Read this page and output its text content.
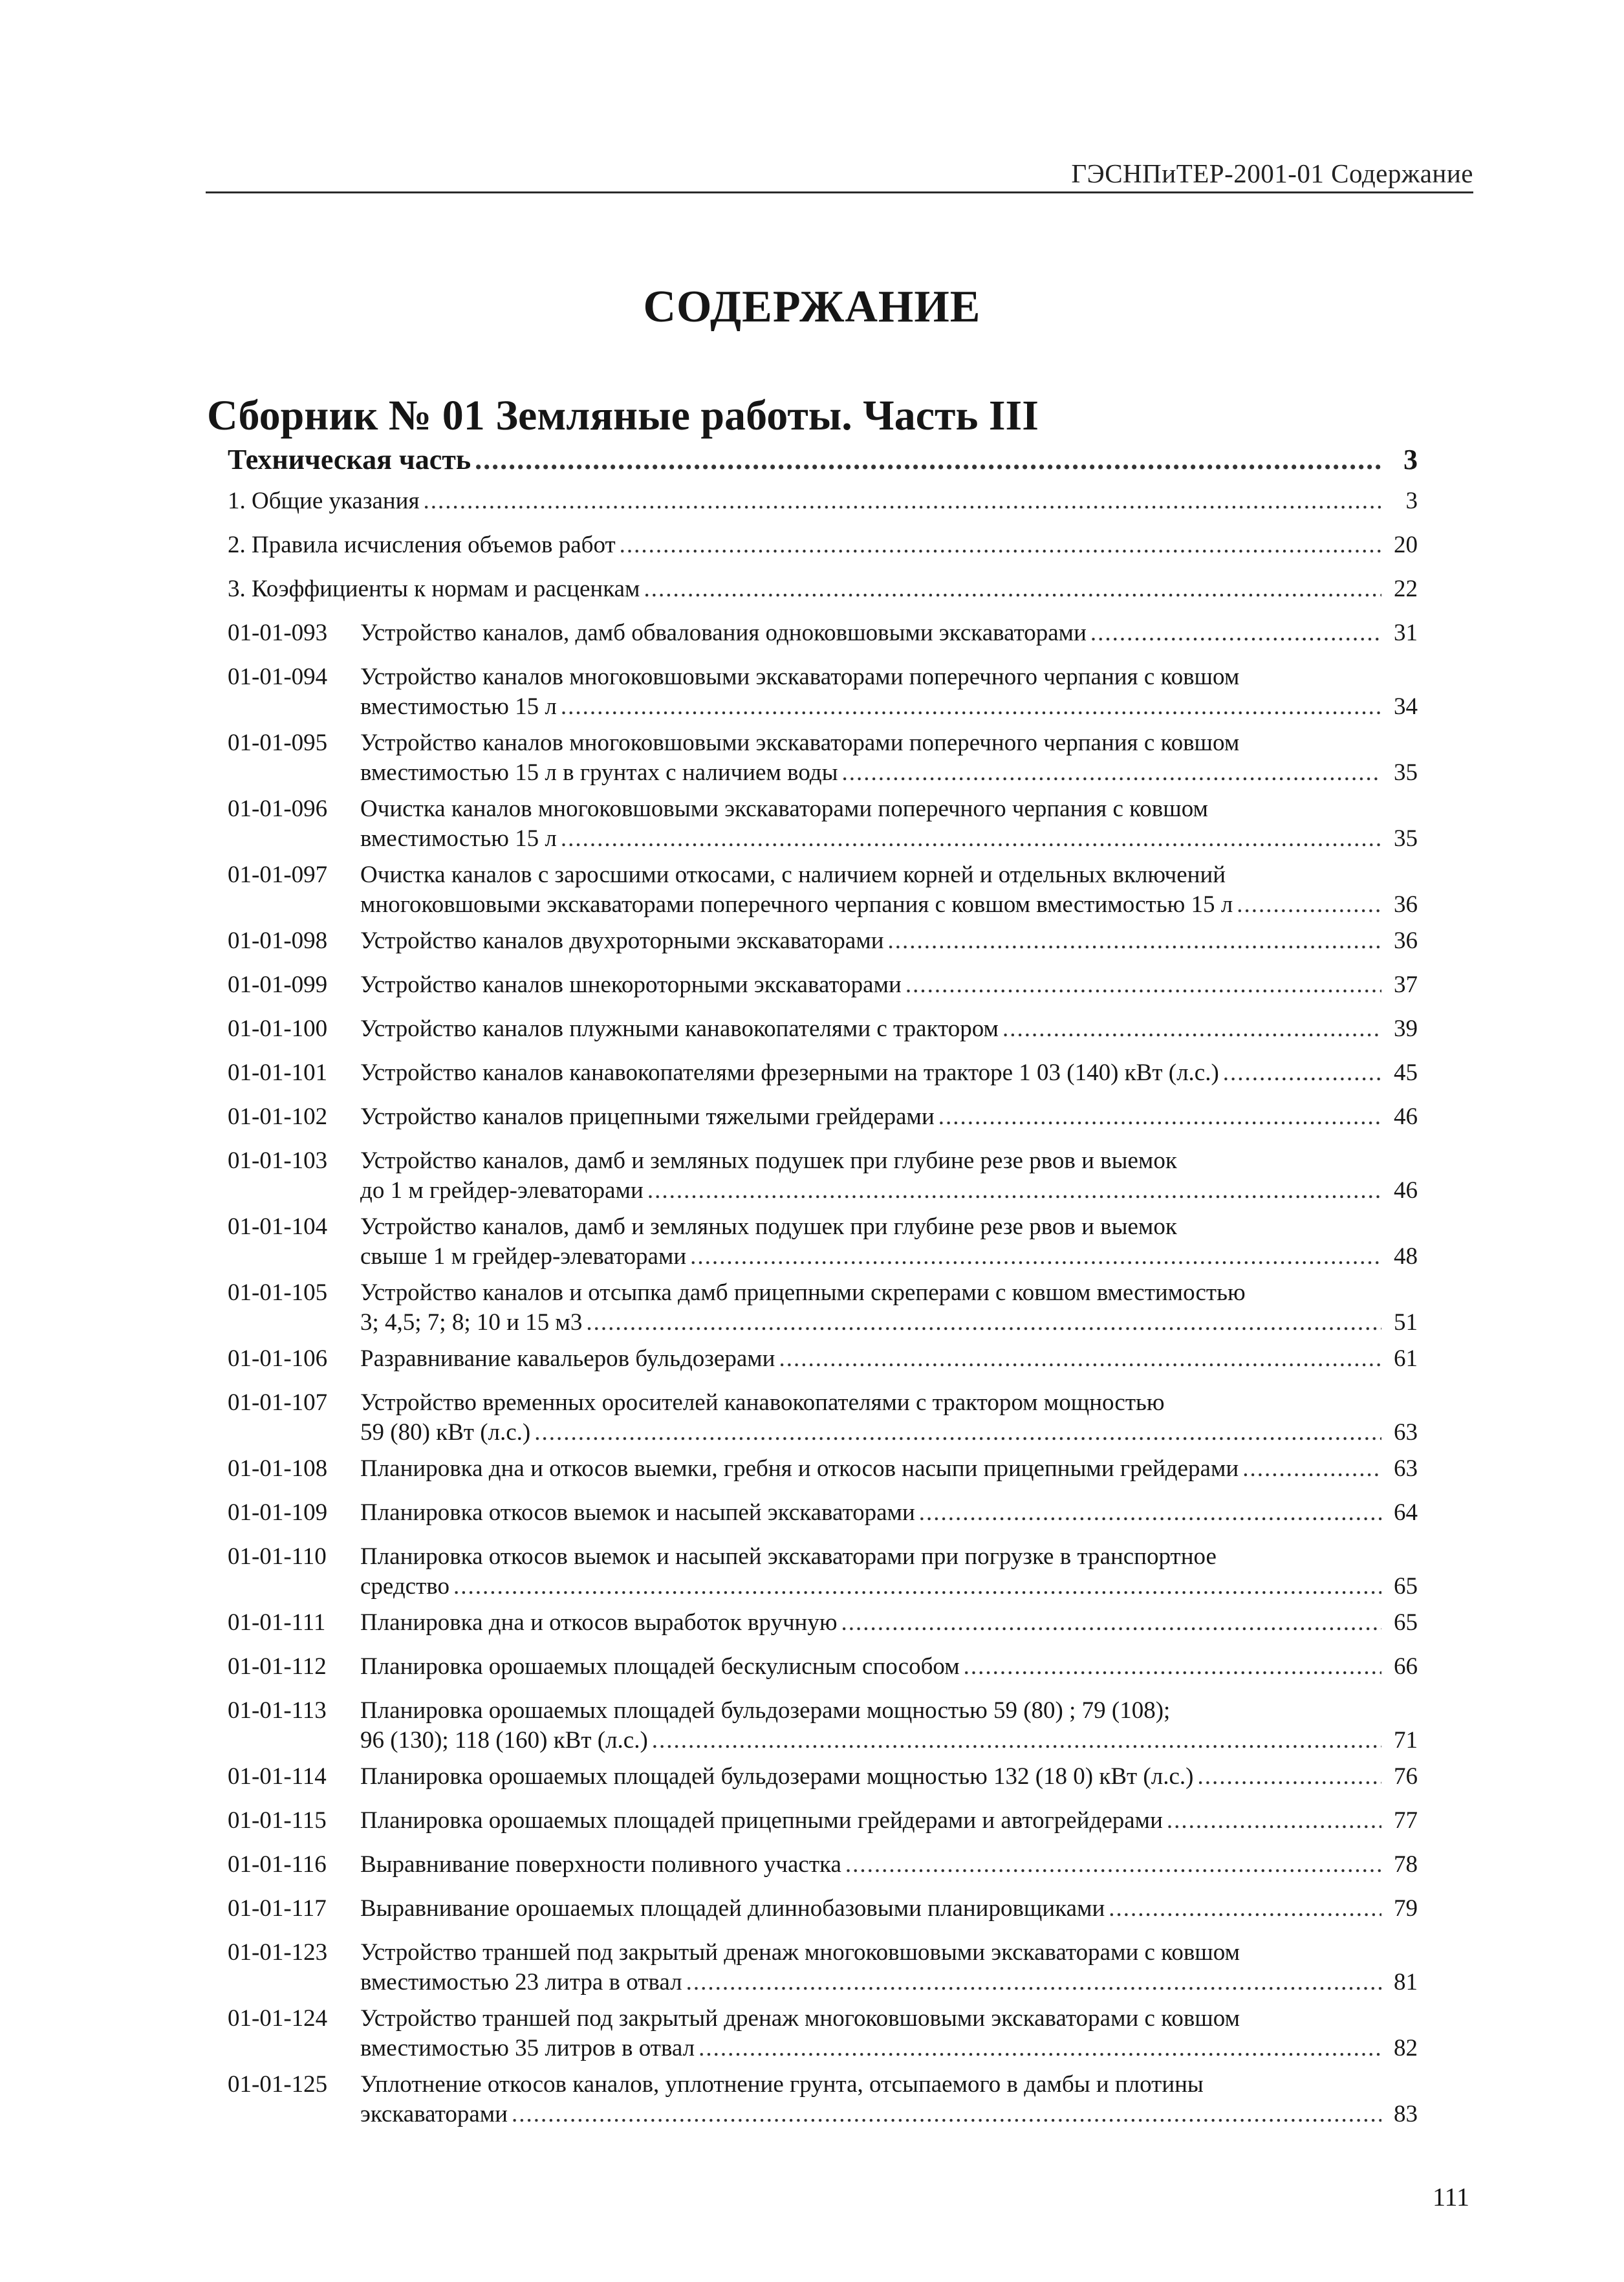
ГЭСНПиТЕР-2001-01 Содержание
СОДЕРЖАНИЕ
Сборник № 01 Земляные работы. Часть III
Техническая часть .....	3
1. Общие указания .....	3
2. Правила исчисления объемов работ .....	20
3. Коэффициенты к нормам и расценкам .....	22
01-01-093	Устройство каналов, дамб обвалования одноковшовыми экскаваторами .....	31
01-01-094	Устройство каналов многоковшовыми экскаваторами поперечного черпания с ковшом
вместимостью 15 л .....	34
01-01-095	Устройство каналов многоковшовыми экскаваторами поперечного черпания с ковшом
вместимостью 15 л в грунтах с наличием воды .....	35
01-01-096	Очистка каналов многоковшовыми экскаваторами поперечного черпания с ковшом
вместимостью 15 л .....	35
01-01-097	Очистка каналов с заросшими откосами, с наличием корней и отдельных включений
многоковшовыми экскаваторами поперечного черпания с ковшом вместимостью 15 л .....	36
01-01-098	Устройство каналов двухроторными экскаваторами .....	36
01-01-099	Устройство каналов шнекороторными экскаваторами .....	37
01-01-100	Устройство каналов плужными канавокопателями с трактором .....	39
01-01-101	Устройство каналов канавокопателями фрезерными на тракторе 1 03 (140) кВт (л.с.) .....	45
01-01-102	Устройство каналов прицепными тяжелыми грейдерами .....	46
01-01-103	Устройство каналов, дамб и земляных подушек при глубине резе рвов и выемок
до 1 м грейдер-элеваторами .....	46
01-01-104	Устройство каналов, дамб и земляных подушек при глубине резе рвов и выемок
свыше 1 м грейдер-элеваторами .....	48
01-01-105	Устройство каналов и отсыпка дамб прицепными скреперами с ковшом вместимостью
3; 4,5; 7; 8; 10 и 15 м3 .....	51
01-01-106	Разравнивание кавальеров бульдозерами .....	61
01-01-107	Устройство временных оросителей канавокопателями с трактором мощностью
59 (80) кВт (л.с.) .....	63
01-01-108	Планировка дна и откосов выемки, гребня и откосов насыпи прицепными грейдерами .....	63
01-01-109	Планировка откосов выемок и насыпей экскаваторами .....	64
01-01-110	Планировка откосов выемок и насыпей экскаваторами при погрузке в транспортное
средство .....	65
01-01-111	Планировка дна и откосов выработок вручную .....	65
01-01-112	Планировка орошаемых площадей бескулисным способом .....	66
01-01-113	Планировка орошаемых площадей бульдозерами мощностью 59 (80) ; 79 (108);
96 (130); 118 (160) кВт (л.с.) .....	71
01-01-114	Планировка орошаемых площадей бульдозерами мощностью 132 (18 0) кВт (л.с.) .....	76
01-01-115	Планировка орошаемых площадей прицепными грейдерами и автогрейдерами .....	77
01-01-116	Выравнивание поверхности поливного участка .....	78
01-01-117	Выравнивание орошаемых площадей длиннобазовыми планировщиками .....	79
01-01-123	Устройство траншей под закрытый дренаж многоковшовыми экскаваторами с ковшом
вместимостью 23 литра в отвал .....	81
01-01-124	Устройство траншей под закрытый дренаж многоковшовыми экскаваторами с ковшом
вместимостью 35 литров в отвал .....	82
01-01-125	Уплотнение откосов каналов, уплотнение грунта, отсыпаемого в дамбы и плотины
экскаваторами .....	83
111
